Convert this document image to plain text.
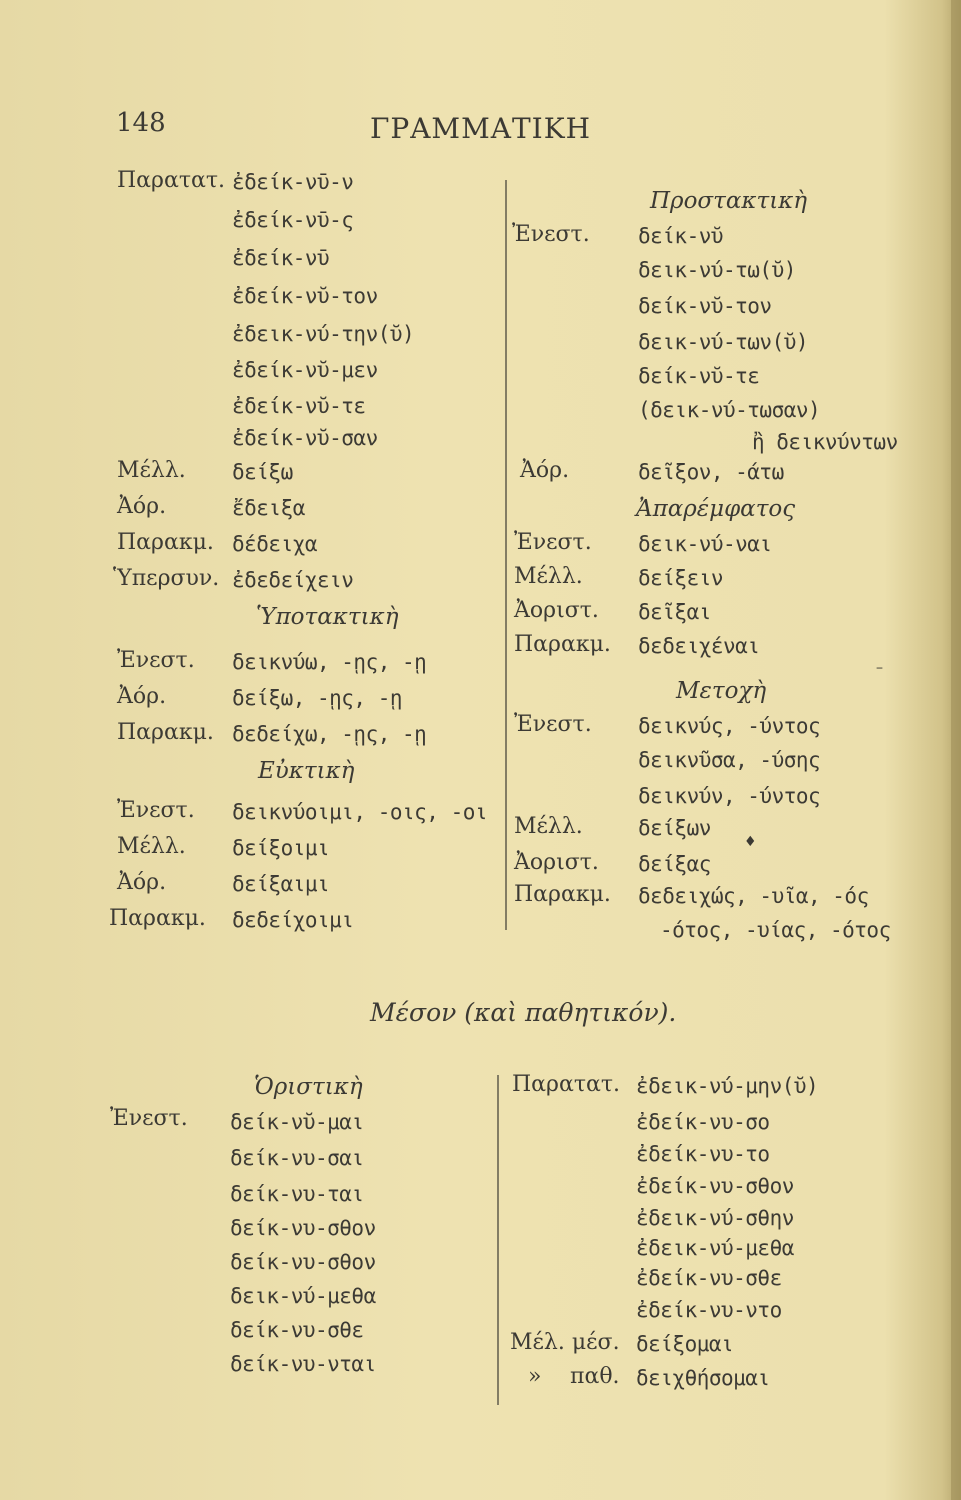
148	ΓΡΑΜΜΑΤΙΚΗ
Παρατατ. ἐδείκ-νῡ-ν
ἐδείκ-νῡ-ς
ἐδείκ-νῡ
ἐδείκ-νῠ-τον
ἐδεικ-νύ-την(ῠ)
ἐδείκ-νῠ-μεν
ἐδείκ-νῠ-τε
ἐδείκ-νῠ-σαν
Μέλλ. δείξω
Ἀόρ.	ἔδειξα
Παρακμ. δέδειχα
Ὑπερσυν. ἐδεδείχειν
Ὑποτακτικὴ
Ἐνεστ. δεικνύω, -ῃς, -ῃ
Ἀόρ.	δείξω, -ῃς, -ῃ
Παρακμ. δεδείχω, -ῃς, -ῃ
Εὐκτικὴ
Ἐνεστ. δεικνύοιμι, -οις, -οι
Μέλλ. δείξοιμι
Ἀόρ.	δείξαιμι
Παρακμ. δεδείχοιμι
Προστακτικὴ
Ἐνεστ. δείκ-νῠ
δεικ-νύ-τω(ῠ)
δείκ-νῠ-τον
δεικ-νύ-των(ῠ)
δείκ-νῠ-τε
(δεικ-νύ-τωσαν)
ἢ δεικνύντων
Ἀόρ.	δεῖξον, -άτω
Ἀπαρέμφατος
Ἐνεστ. δεικ-νύ-ναι
Μέλλ.	δείξειν
Ἀοριστ. δεῖξαι
Παρακμ. δεδειχέναι
Μετοχὴ
Ἐνεστ. δεικνύς, -ύντος
δεικνῦσα, -ύσης
δεικνύν, -ύντος
Μέλλ.	δείξων
Ἀοριστ. δείξας
Παρακμ. δεδειχώς, -υῖα, -ός
-ότος, -υίας, -ότος
Μέσον (καὶ παθητικόν).
Ὁριστικὴ
Ἐνεστ. δείκ-νῠ-μαι
δείκ-νυ-σαι
δείκ-νυ-ται
δείκ-νυ-σθον
δείκ-νυ-σθον
δεικ-νύ-μεθα
δείκ-νυ-σθε
δείκ-νυ-νται
Παρατατ. ἐδεικ-νύ-μην(ῠ)
ἐδείκ-νυ-σο
ἐδείκ-νυ-το
ἐδείκ-νυ-σθον
ἐδεικ-νύ-σθην
ἐδεικ-νύ-μεθα
ἐδείκ-νυ-σθε
ἐδείκ-νυ-ντο
Μέλ. μέσ. δείξομαι
» παθ. δειχθήσομαι
♦
–
